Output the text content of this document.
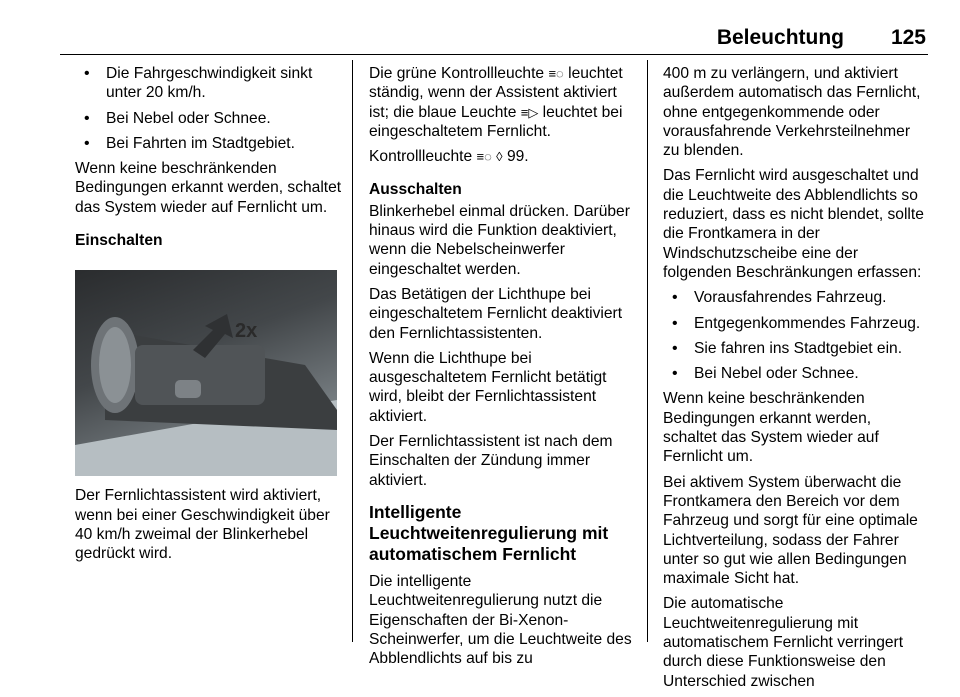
Beleuchtung 125
• Die Fahrgeschwindigkeit sinkt unter 20 km/h.
• Bei Nebel oder Schnee.
• Bei Fahrten im Stadtgebiet.

Wenn keine beschränkenden Bedingungen erkannt werden, schaltet das System wieder auf Fernlicht um.

Einschalten

2x

Der Fernlichtassistent wird aktiviert, wenn bei einer Geschwindigkeit über 40 km/h zweimal der Blinkerhebel gedrückt wird.

Die grüne Kontrollleuchte ≡◌ leuchtet ständig, wenn der Assistent aktiviert ist; die blaue Leuchte ≡▷ leuchtet bei eingeschaltetem Fernlicht.

Kontrollleuchte ≡◌ ◊ 99.

Ausschalten

Blinkerhebel einmal drücken. Darüber hinaus wird die Funktion deaktiviert, wenn die Nebelscheinwerfer eingeschaltet werden.

Das Betätigen der Lichthupe bei eingeschaltetem Fernlicht deaktiviert den Fernlichtassistenten.

Wenn die Lichthupe bei ausgeschaltetem Fernlicht betätigt wird, bleibt der Fernlichtassistent aktiviert.

Der Fernlichtassistent ist nach dem Einschalten der Zündung immer aktiviert.

Intelligente Leuchtweitenregulierung mit automatischem Fernlicht

Die intelligente Leuchtweitenregulierung nutzt die Eigenschaften der Bi-Xenon-Scheinwerfer, um die Leuchtweite des Abblendlichts auf bis zu

400 m zu verlängern, und aktiviert außerdem automatisch das Fernlicht, ohne entgegenkommende oder vorausfahrende Verkehrsteilnehmer zu blenden.

Das Fernlicht wird ausgeschaltet und die Leuchtweite des Abblendlichts so reduziert, dass es nicht blendet, sollte die Frontkamera in der Windschutzscheibe eine der folgenden Beschränkungen erfassen:

• Vorausfahrendes Fahrzeug.
• Entgegenkommendes Fahrzeug.
• Sie fahren ins Stadtgebiet ein.
• Bei Nebel oder Schnee.

Wenn keine beschränkenden Bedingungen erkannt werden, schaltet das System wieder auf Fernlicht um.

Bei aktivem System überwacht die Frontkamera den Bereich vor dem Fahrzeug und sorgt für eine optimale Lichtverteilung, sodass der Fahrer unter so gut wie allen Bedingungen maximale Sicht hat.

Die automatische Leuchtweitenregulierung mit automatischem Fernlicht verringert durch diese Funktionsweise den Unterschied zwischen
